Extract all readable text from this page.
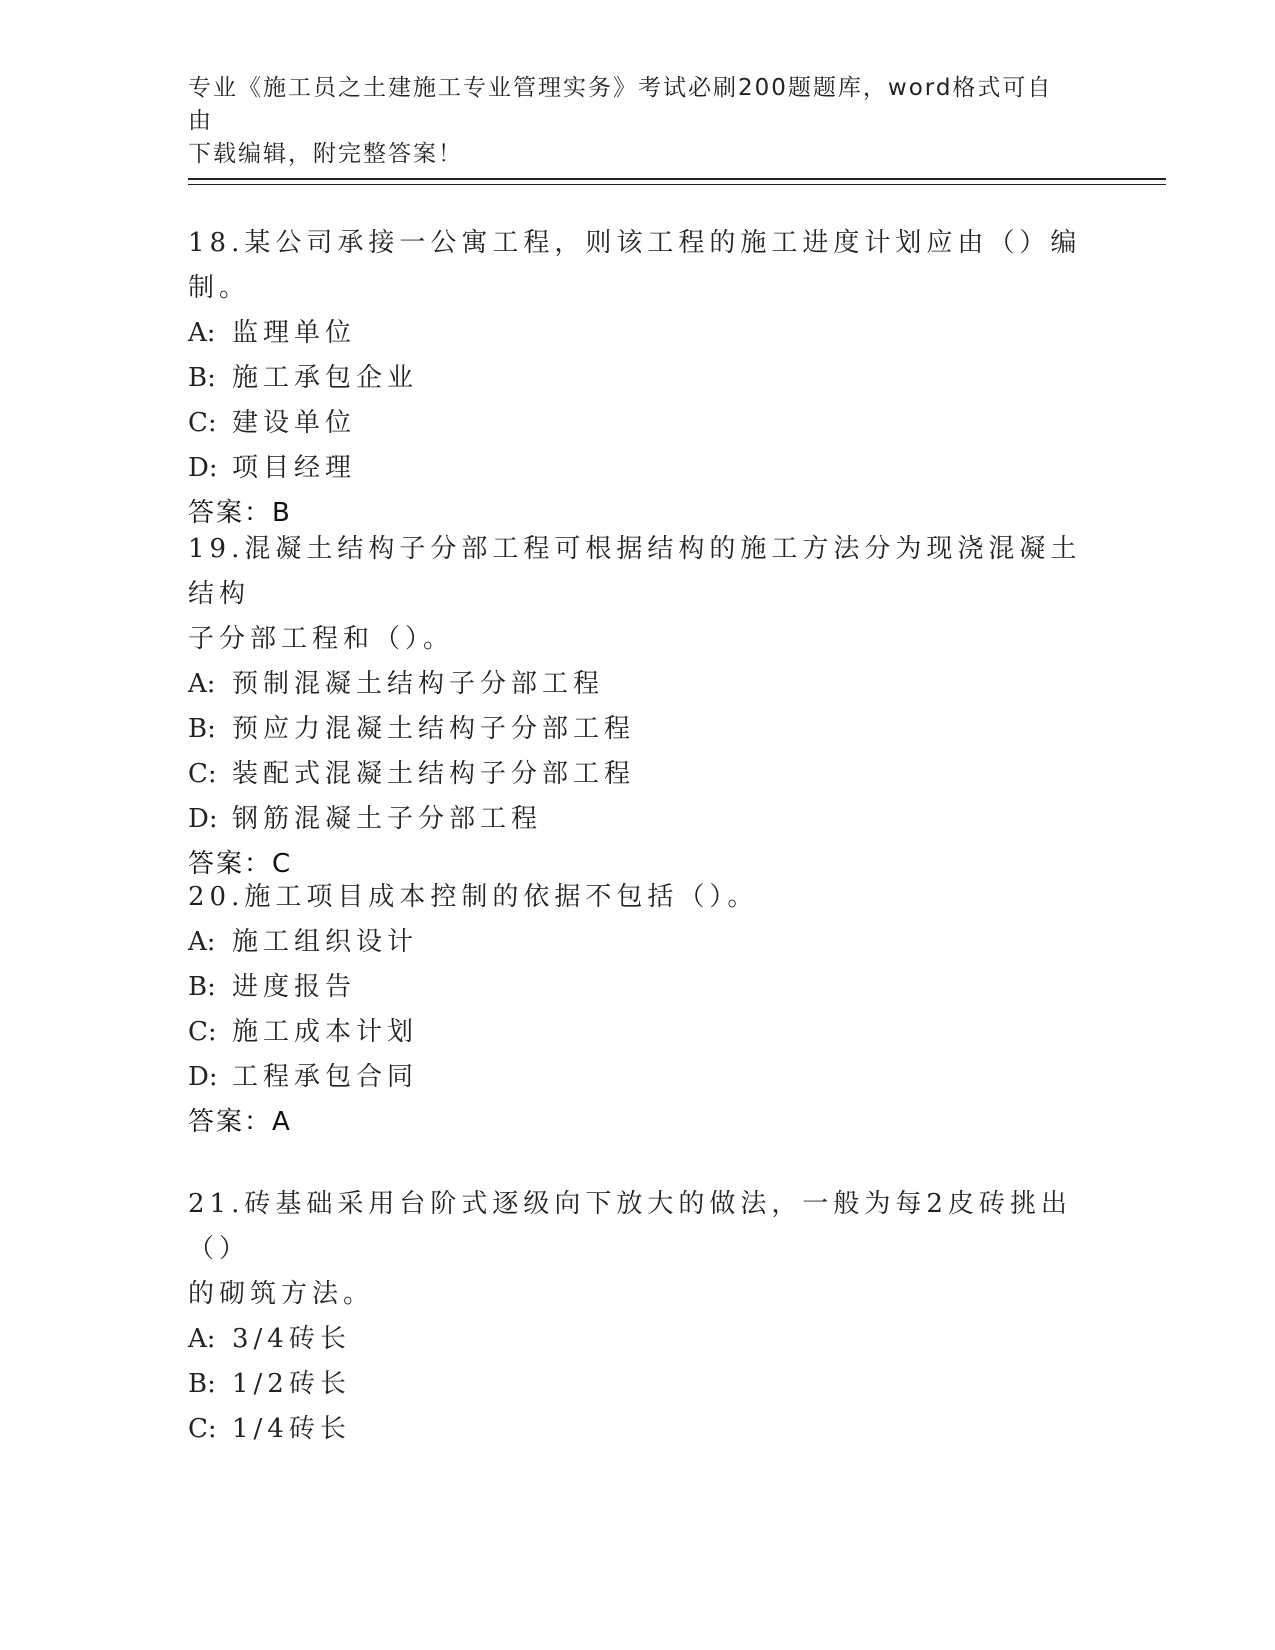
专业《施工员之土建施工专业管理实务》考试必刷200题题库，word格式可自由
下载编辑，附完整答案！

18.某公司承接一公寓工程，则该工程的施工进度计划应由（）编制。

A: 监理单位

B: 施工承包企业

C: 建设单位

D: 项目经理

答案：B

19.混凝土结构子分部工程可根据结构的施工方法分为现浇混凝土结构

子分部工程和（）。

A: 预制混凝土结构子分部工程

B: 预应力混凝土结构子分部工程

C: 装配式混凝土结构子分部工程

D: 钢筋混凝土子分部工程

答案：C

20.施工项目成本控制的依据不包括（）。

A: 施工组织设计

B: 进度报告

C: 施工成本计划

D: 工程承包合同

答案：A

21.砖基础采用台阶式逐级向下放大的做法，一般为每2皮砖挑出（）

的砌筑方法。

A: 3/4砖长

B: 1/2砖长

C: 1/4砖长
